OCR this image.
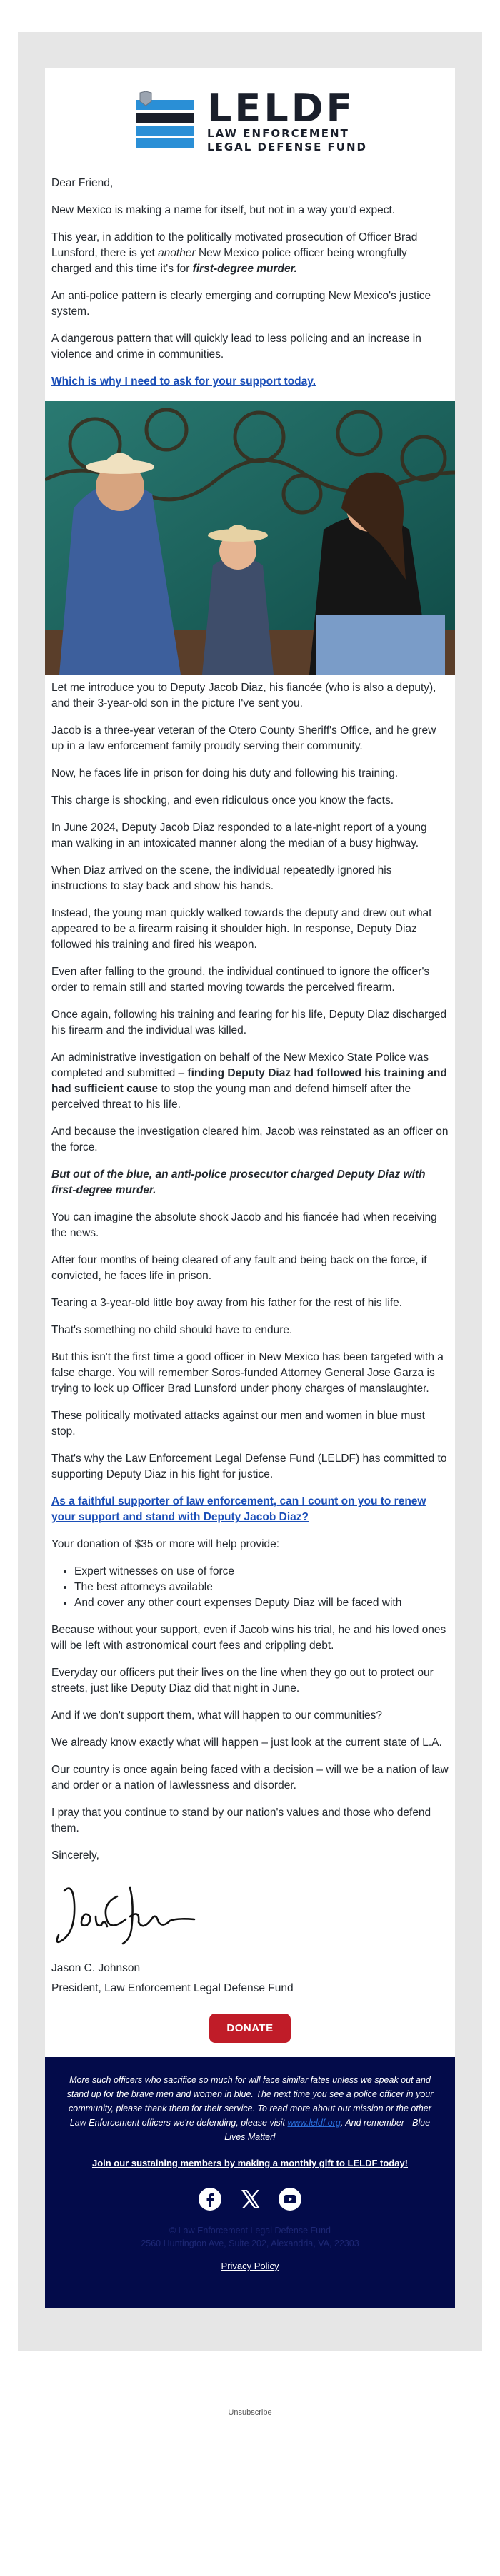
LELDF
LAW ENFORCEMENT
LEGAL DEFENSE FUND

Dear Friend,

New Mexico is making a name for itself, but not in a way you'd expect.

This year, in addition to the politically motivated prosecution of Officer Brad Lunsford, there is yet another New Mexico police officer being wrongfully charged and this time it's for first-degree murder.

An anti-police pattern is clearly emerging and corrupting New Mexico's justice system.

A dangerous pattern that will quickly lead to less policing and an increase in violence and crime in communities.

Which is why I need to ask for your support today.

Let me introduce you to Deputy Jacob Diaz, his fiancée (who is also a deputy), and their 3-year-old son in the picture I've sent you.

Jacob is a three-year veteran of the Otero County Sheriff's Office, and he grew up in a law enforcement family proudly serving their community.

Now, he faces life in prison for doing his duty and following his training.

This charge is shocking, and even ridiculous once you know the facts.

In June 2024, Deputy Jacob Diaz responded to a late-night report of a young man walking in an intoxicated manner along the median of a busy highway.

When Diaz arrived on the scene, the individual repeatedly ignored his instructions to stay back and show his hands.

Instead, the young man quickly walked towards the deputy and drew out what appeared to be a firearm raising it shoulder high. In response, Deputy Diaz followed his training and fired his weapon.

Even after falling to the ground, the individual continued to ignore the officer's order to remain still and started moving towards the perceived firearm.

Once again, following his training and fearing for his life, Deputy Diaz discharged his firearm and the individual was killed.

An administrative investigation on behalf of the New Mexico State Police was completed and submitted – finding Deputy Diaz had followed his training and had sufficient cause to stop the young man and defend himself after the perceived threat to his life.

And because the investigation cleared him, Jacob was reinstated as an officer on the force.

But out of the blue, an anti-police prosecutor charged Deputy Diaz with first-degree murder.

You can imagine the absolute shock Jacob and his fiancée had when receiving the news.

After four months of being cleared of any fault and being back on the force, if convicted, he faces life in prison.

Tearing a 3-year-old little boy away from his father for the rest of his life.

That's something no child should have to endure.

But this isn't the first time a good officer in New Mexico has been targeted with a false charge. You will remember Soros-funded Attorney General Jose Garza is trying to lock up Officer Brad Lunsford under phony charges of manslaughter.

These politically motivated attacks against our men and women in blue must stop.

That's why the Law Enforcement Legal Defense Fund (LELDF) has committed to supporting Deputy Diaz in his fight for justice.

As a faithful supporter of law enforcement, can I count on you to renew your support and stand with Deputy Jacob Diaz?

Your donation of $35 or more will help provide:

• Expert witnesses on use of force
• The best attorneys available
• And cover any other court expenses Deputy Diaz will be faced with

Because without your support, even if Jacob wins his trial, he and his loved ones will be left with astronomical court fees and crippling debt.

Everyday our officers put their lives on the line when they go out to protect our streets, just like Deputy Diaz did that night in June.

And if we don't support them, what will happen to our communities?

We already know exactly what will happen – just look at the current state of L.A.

Our country is once again being faced with a decision – will we be a nation of law and order or a nation of lawlessness and disorder.

I pray that you continue to stand by our nation's values and those who defend them.

Sincerely,

Jason C. Johnson

President, Law Enforcement Legal Defense Fund

DONATE

More such officers who sacrifice so much for will face similar fates unless we speak out and stand up for the brave men and women in blue. The next time you see a police officer in your community, please thank them for their service. To read more about our mission or the other Law Enforcement officers we're defending, please visit www.leldf.org. And remember - Blue Lives Matter!

Join our sustaining members by making a monthly gift to LELDF today!

© Law Enforcement Legal Defense Fund
2560 Huntington Ave, Suite 202, Alexandria, VA, 22303

Privacy Policy
Unsubscribe
